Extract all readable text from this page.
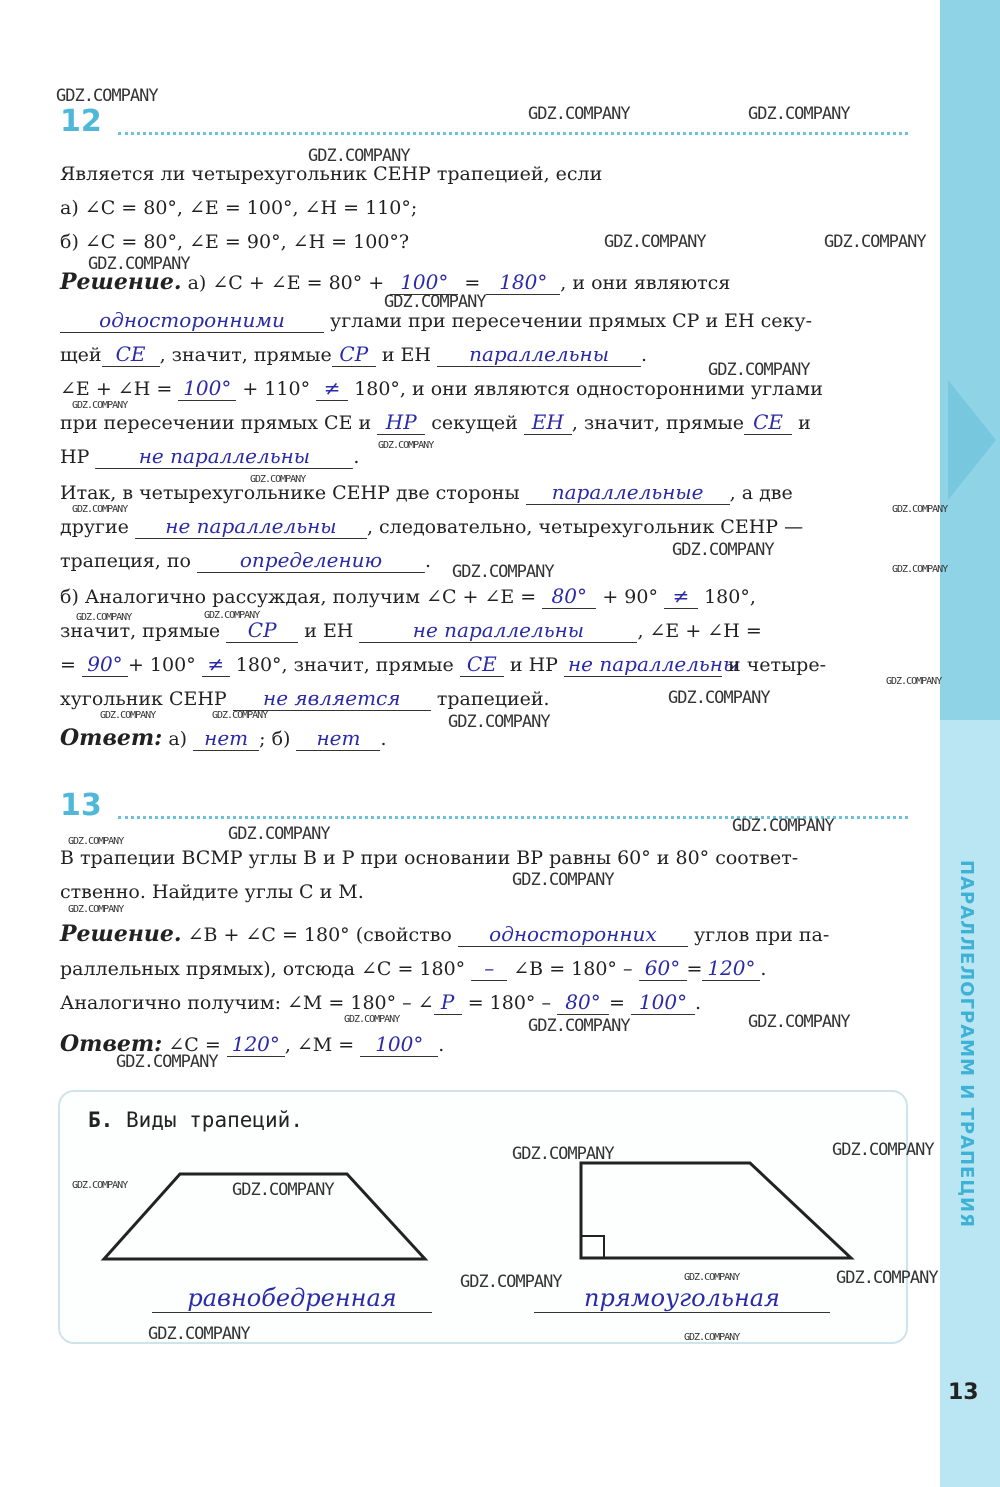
ПАРАЛЛЕЛОГРАММ И ТРАПЕЦИЯ
13
12
Является ли четырехугольник CEHP трапецией, если
а) ∠C = 80°, ∠E = 100°, ∠H = 110°;
б) ∠C = 80°, ∠E = 90°, ∠H = 100°?
Решение. а) ∠C + ∠E = 80° + 100° = 180° , и они являются
односторонними углами при пересечении прямых CP и EH секу-
щей CE , значит, прямые CP и EH параллельны .
∠E + ∠H = 100° + 110° ≠ 180°, и они являются односторонними углами
при пересечении прямых CE и HP секущей EH , значит, прямые CE и
HP не параллельны .
Итак, в четырехугольнике CEHP две стороны параллельные , а две
другие не параллельны , следовательно, четырехугольник CEHP —
трапеция, по определению .
б) Аналогично рассуждая, получим ∠C + ∠E = 80° + 90° ≠ 180°,
значит, прямые CP и EH	не параллельны	, ∠E + ∠H =
= 90° + 100° ≠ 180°, значит, прямые CE и HP не параллельны и четыре-
хугольник CEHP не является трапецией.
Ответ: а) нет ; б) нет .
13
В трапеции BCMP углы B и P при основании BP равны 60° и 80° соответ-
ственно. Найдите углы C и M.
Решение. ∠B + ∠C = 180° (свойство односторонних углов при па-
раллельных прямых), отсюда ∠C = 180° – ∠B = 180° – 60° = 120° .
Аналогично получим: ∠M = 180° – ∠ P = 180° – 80° = 100° .
Ответ: ∠C = 120° , ∠M = 100° .
Б. Виды трапеций.
равнобедренная	прямоугольная
GDZ.COMPANY
GDZ.COMPANY	GDZ.COMPANY
GDZ.COMPANY
GDZ.COMPANY	GDZ.COMPANY
GDZ.COMPANY
GDZ.COMPANY
GDZ.COMPANY
GDZ.COMPANY
GDZ.COMPANY
GDZ.COMPANY
GDZ.COMPANY	GDZ.COMPANY
GDZ.COMPANY
GDZ.COMPANY	GDZ.COMPANY
GDZ.COMPANY	GDZ.COMPANY
GDZ.COMPANY
GDZ.COMPANY
GDZ.COMPANY	GDZ.COMPANY	GDZ.COMPANY
GDZ.COMPANY
GDZ.COMPANY
GDZ.COMPANY
GDZ.COMPANY
GDZ.COMPANY
GDZ.COMPANY	GDZ.COMPANY	GDZ.COMPANY
GDZ.COMPANY
GDZ.COMPANY	GDZ.COMPANY
GDZ.COMPANY	GDZ.COMPANY
GDZ.COMPANY	GDZ.COMPANY	GDZ.COMPANY
GDZ.COMPANY	GDZ.COMPANY
